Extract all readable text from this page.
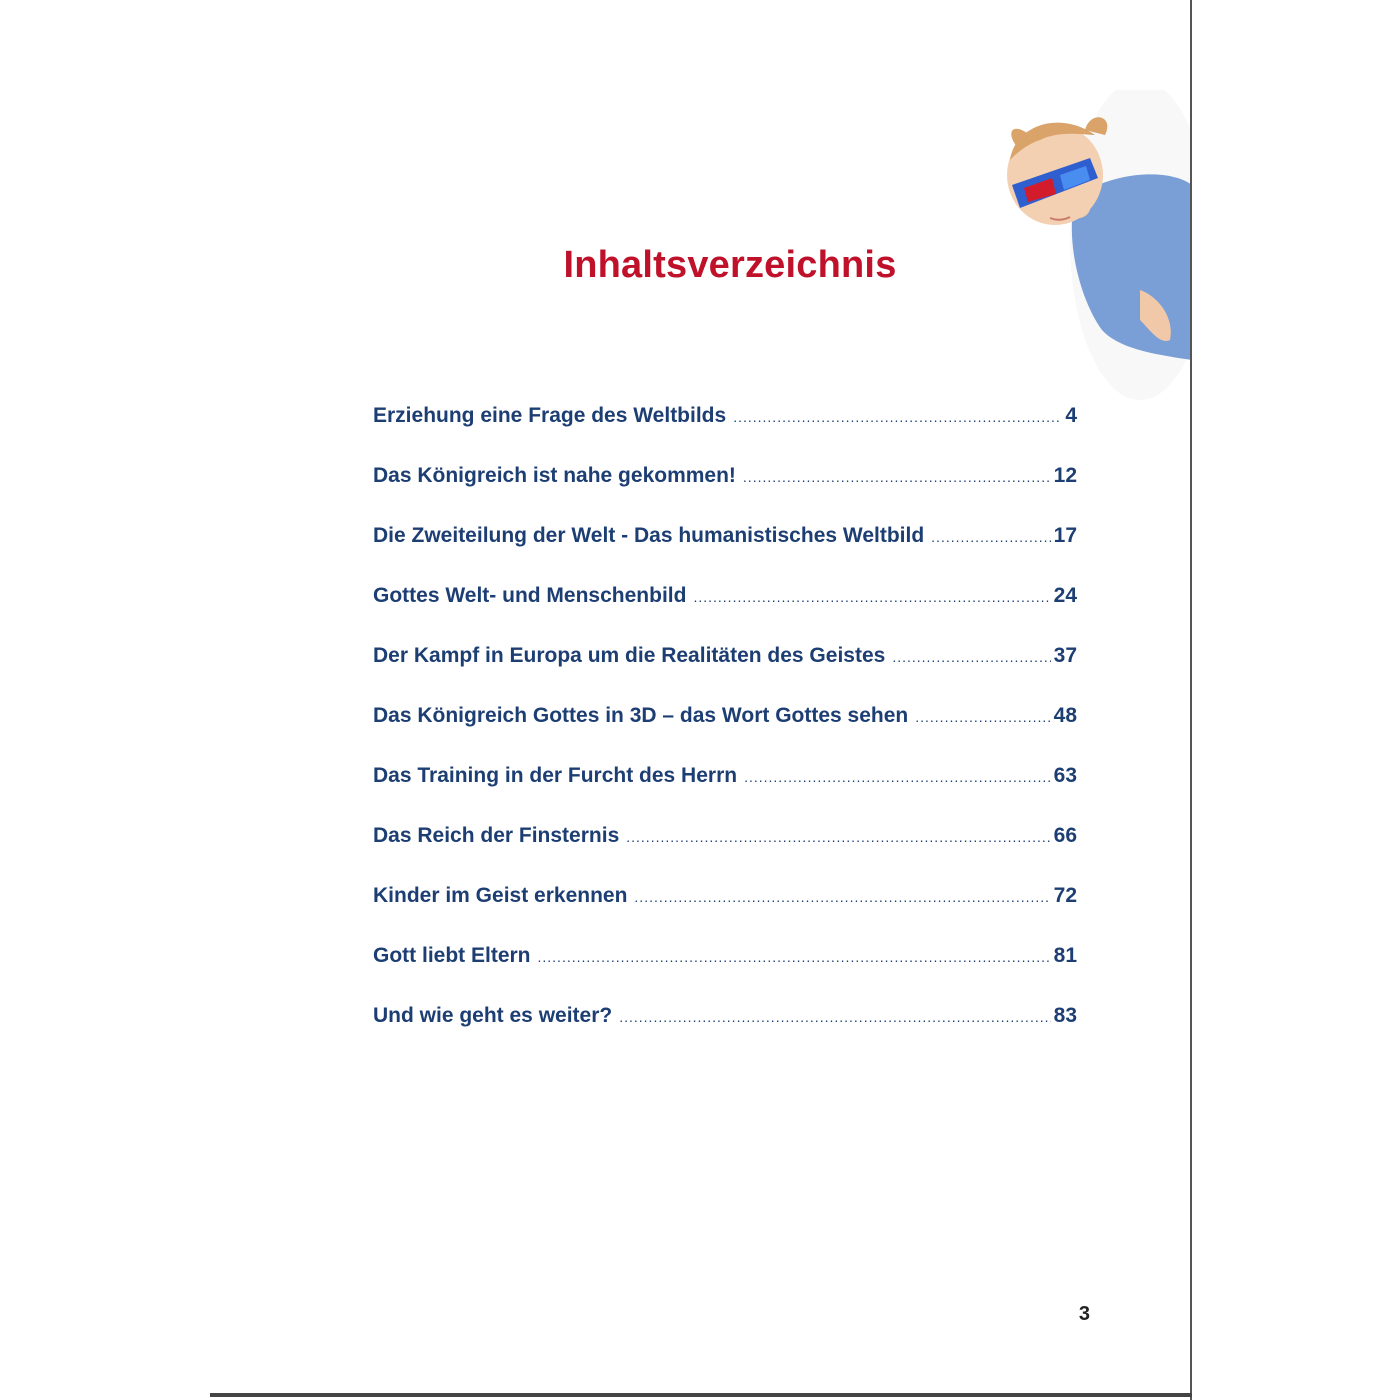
Inhaltsverzeichnis
Erziehung eine Frage des Weltbilds .....	4
Das Königreich ist nahe gekommen! .....	12
Die Zweiteilung der Welt - Das humanistisches Weltbild .....	17
Gottes Welt- und Menschenbild .....	24
Der Kampf in Europa um die Realitäten des Geistes .....	37
Das Königreich Gottes in 3D – das Wort Gottes sehen .....	48
Das Training in der Furcht des Herrn .....	63
Das Reich der Finsternis .....	66
Kinder im Geist erkennen .....	72
Gott liebt Eltern .....	81
Und wie geht es weiter? .....	83
3
